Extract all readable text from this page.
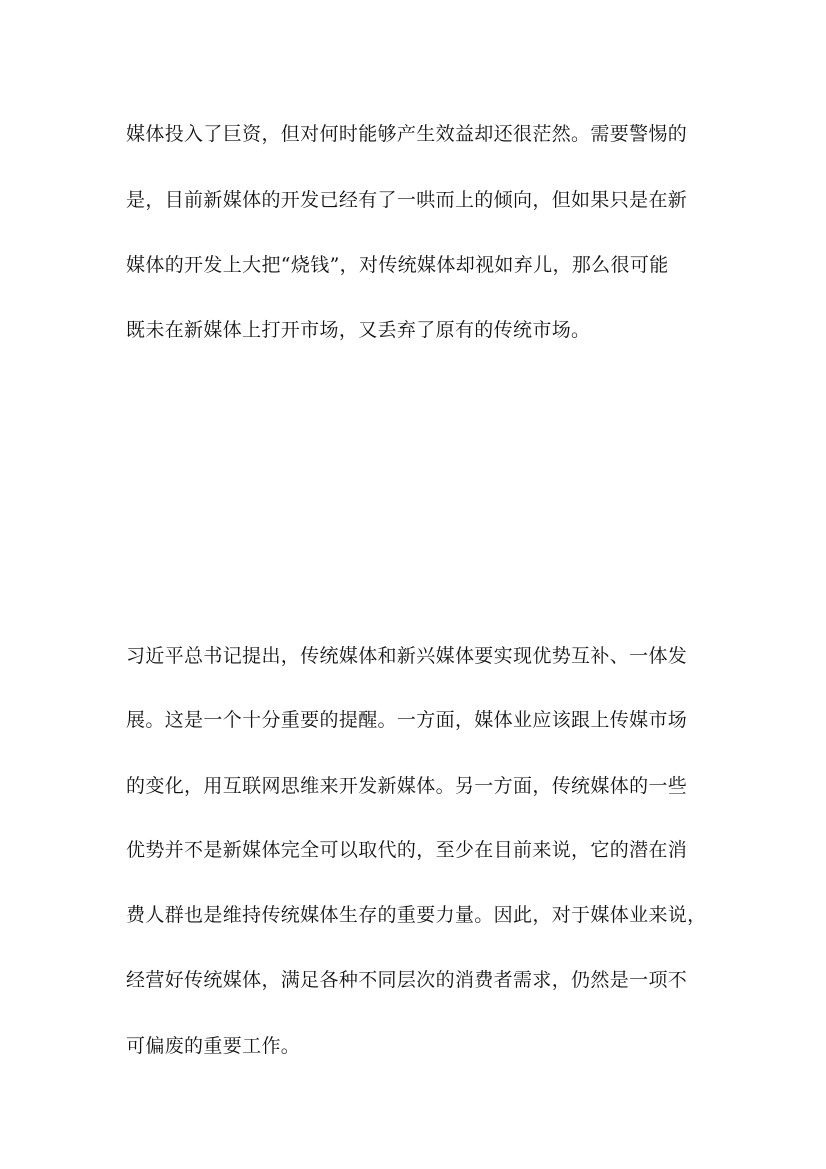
媒体投入了巨资，但对何时能够产生效益却还很茫然。需要警惕的

是，目前新媒体的开发已经有了一哄而上的倾向，但如果只是在新

媒体的开发上大把“烧钱”，对传统媒体却视如弃儿，那么很可能

既未在新媒体上打开市场，又丢弃了原有的传统市场。

习近平总书记提出，传统媒体和新兴媒体要实现优势互补、一体发

展。这是一个十分重要的提醒。一方面，媒体业应该跟上传媒市场

的变化，用互联网思维来开发新媒体。另一方面，传统媒体的一些

优势并不是新媒体完全可以取代的，至少在目前来说，它的潜在消

费人群也是维持传统媒体生存的重要力量。因此，对于媒体业来说，

经营好传统媒体，满足各种不同层次的消费者需求，仍然是一项不

可偏废的重要工作。
